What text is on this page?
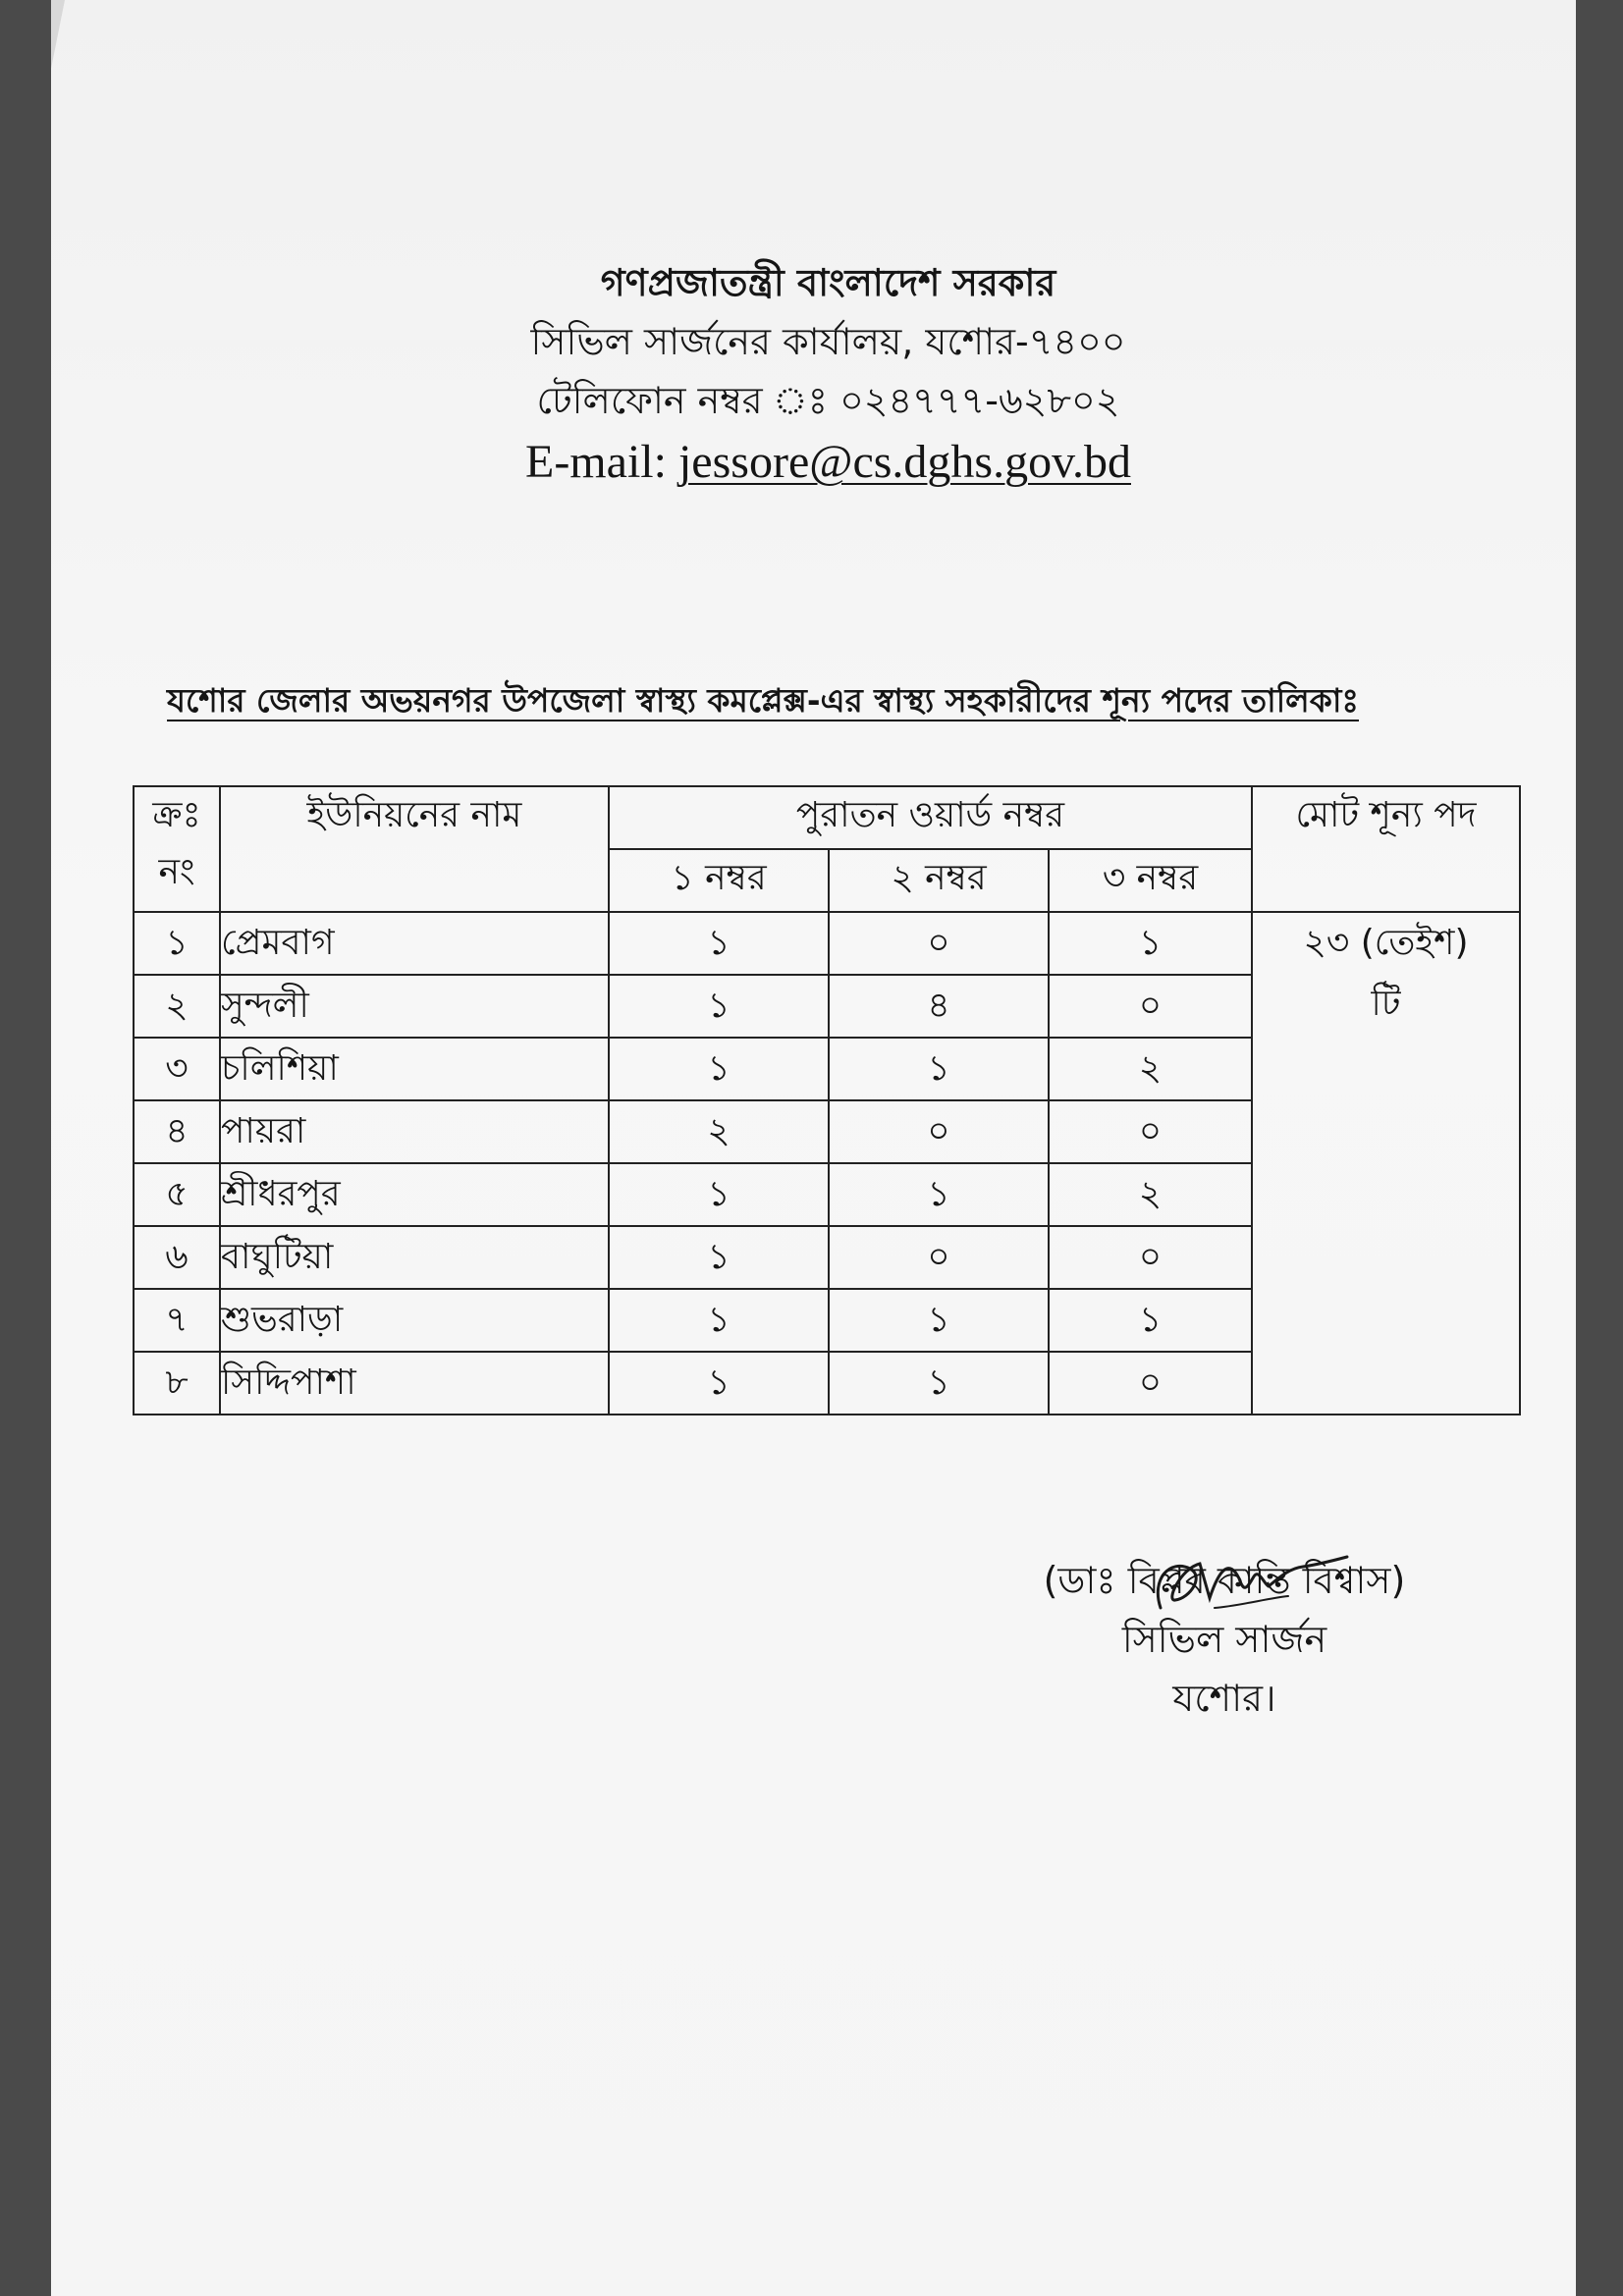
গণপ্রজাতন্ত্রী বাংলাদেশ সরকার
সিভিল সার্জনের কার্যালয়, যশোর-৭৪০০
টেলিফোন নম্বর ঃ ০২৪৭৭৭-৬২৮০২
E-mail: jessore@cs.dghs.gov.bd
যশোর জেলার অভয়নগর উপজেলা স্বাস্থ্য কমপ্লেক্স-এর স্বাস্থ্য সহকারীদের শূন্য পদের তালিকাঃ
ক্রঃ
নং	ইউনিয়নের নাম	পুরাতন ওয়ার্ড নম্বর			মোট শূন্য পদ
		১ নম্বর	২ নম্বর	৩ নম্বর	
১	প্রেমবাগ	১	০	১	২৩ (তেইশ)
টি
২	সুন্দলী	১	৪	০	
৩	চলিশিয়া	১	১	২	
৪	পায়রা	২	০	০	
৫	শ্রীধরপুর	১	১	২	
৬	বাঘুটিয়া	১	০	০	
৭	শুভরাড়া	১	১	১	
৮	সিদ্দিপাশা	১	১	০	
(ডাঃ বিপ্লব কান্তি বিশ্বাস)
সিভিল সার্জন
যশোর।
